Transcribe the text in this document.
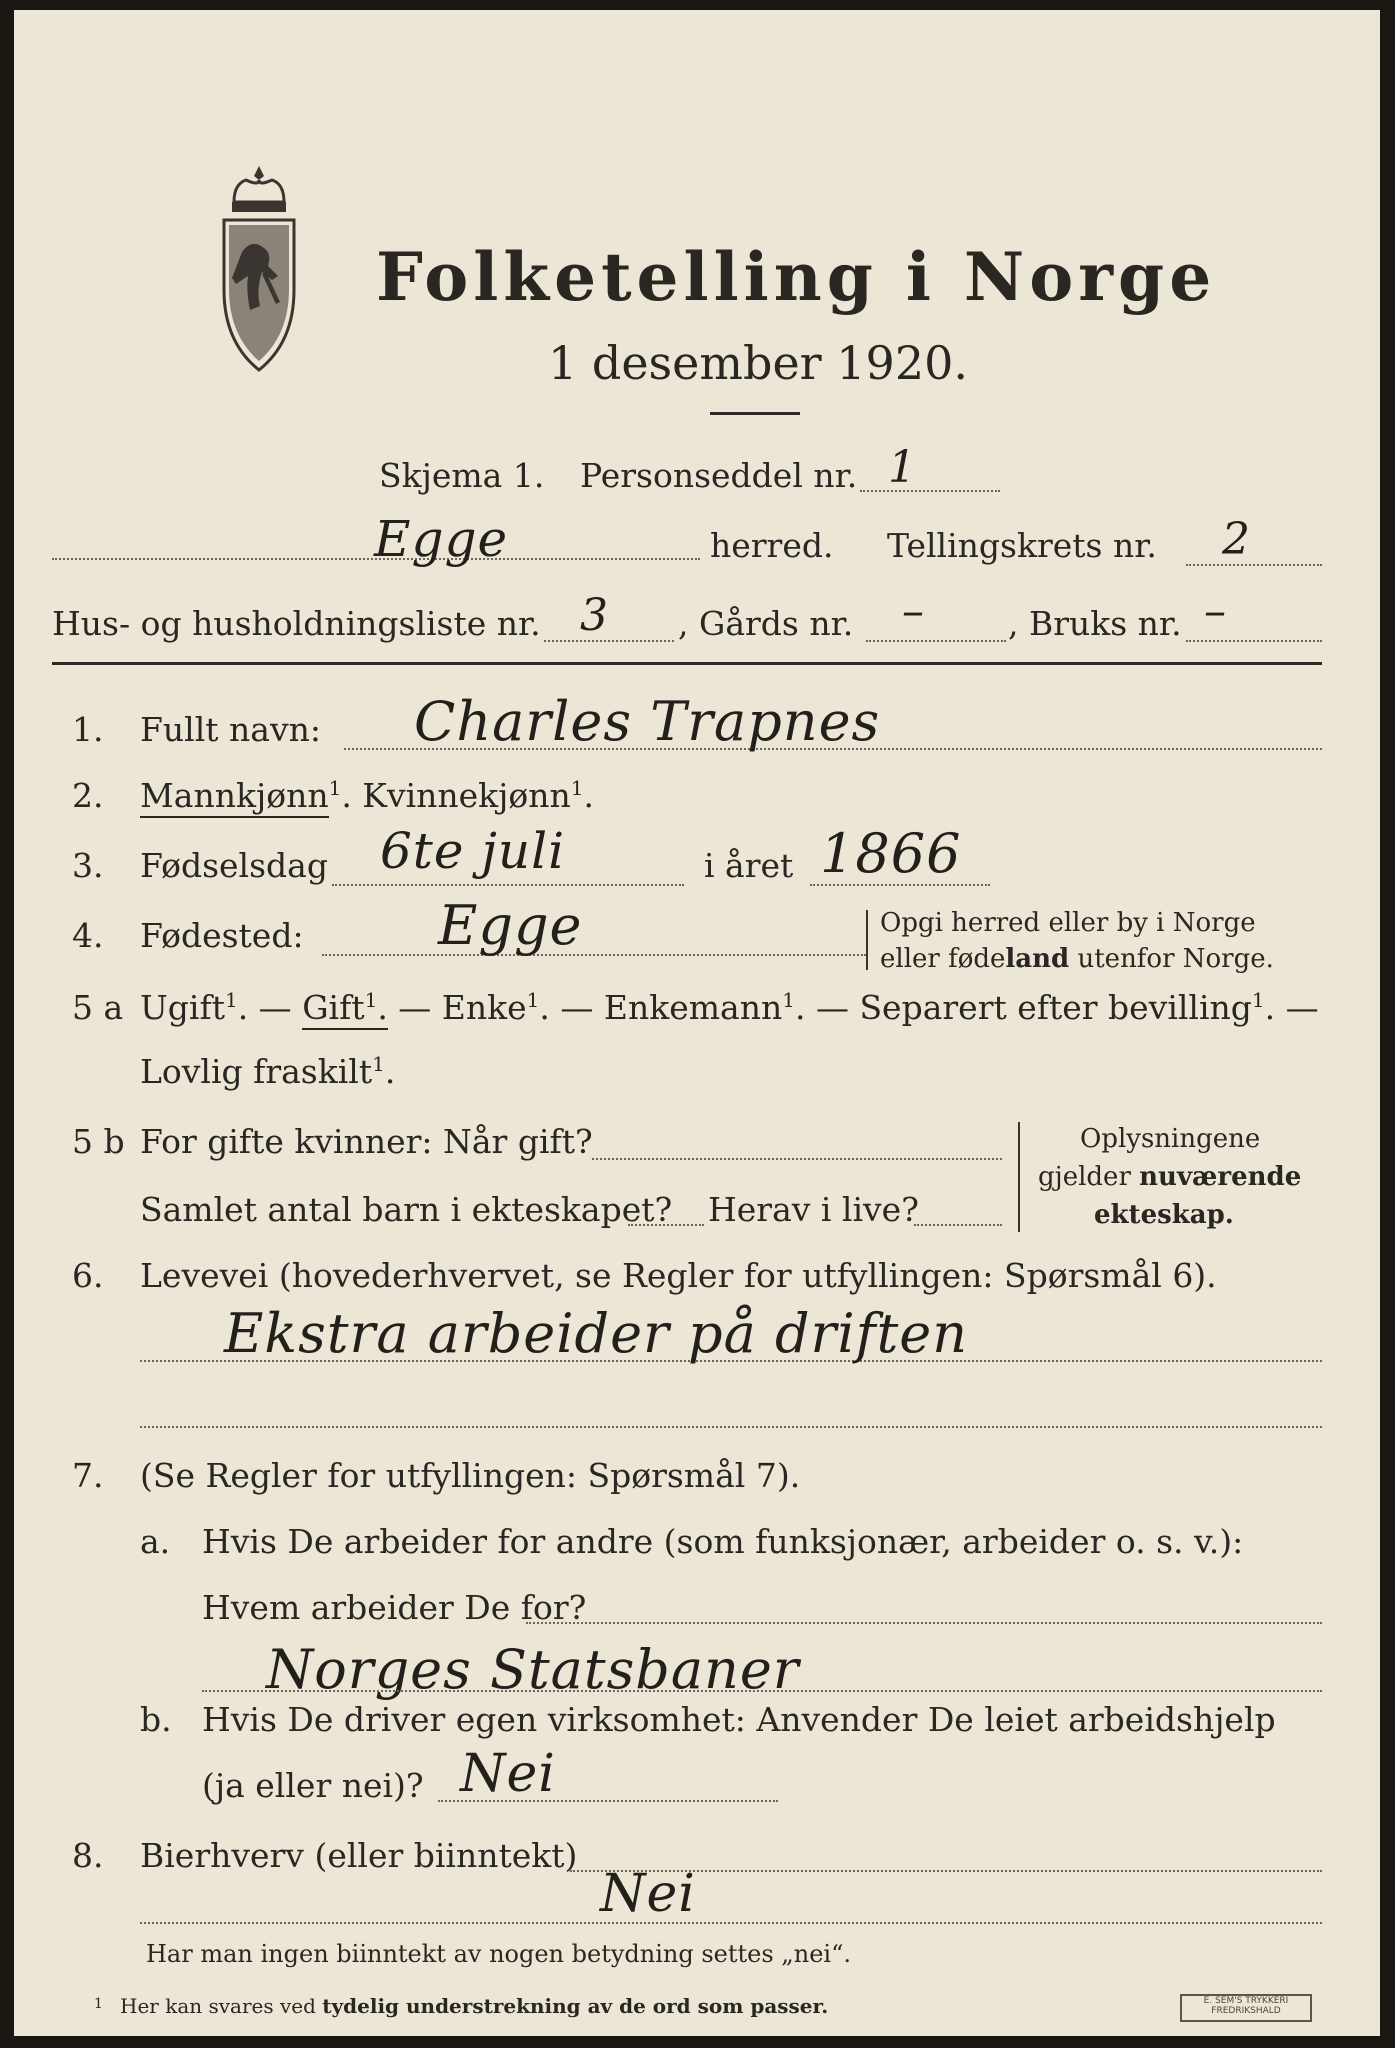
Folketelling i Norge
1 desember 1920.
Skjema 1. Personseddel nr. 1
Egge	herred. Tellingskrets nr. 2
Hus- og husholdningsliste nr. 3 , Gårds nr. –	, Bruks nr. –
1. Fullt navn: Charles Trapnes
2. Mannkjønn$^1$. Kvinnekjønn$^1$.
3. Fødselsdag 6te juli	i året 1866
4. Fødested: Egge	Opgi herred eller by i Norge
eller fødeland utenfor Norge.
5 a Ugift$^1$. — Gift$^1$. — Enke$^1$. — Enkemann$^1$. — Separert efter bevilling$^1$. —
Lovlig fraskilt$^1$.
5 b For gifte kvinner: Når gift?
Samlet antal barn i ekteskapet? Herav i live?
Oplysningene
gjelder nuværende
ekteskap.
6. Levevei (hovederhvervet, se Regler for utfyllingen: Spørsmål 6).
Ekstra arbeider på driften
7. (Se Regler for utfyllingen: Spørsmål 7).
a. Hvis De arbeider for andre (som funksjonær, arbeider o. s. v.):
Hvem arbeider De for?
Norges Statsbaner
b. Hvis De driver egen virksomhet: Anvender De leiet arbeidshjelp
(ja eller nei)? Nei
8. Bierhverv (eller biinntekt)
Nei
Har man ingen biinntekt av nogen betydning settes „nei“.
1 Her kan svares ved tydelig understrekning av de ord som passer.	E. SEM'S TRYKKERI
FREDRIKSHALD
